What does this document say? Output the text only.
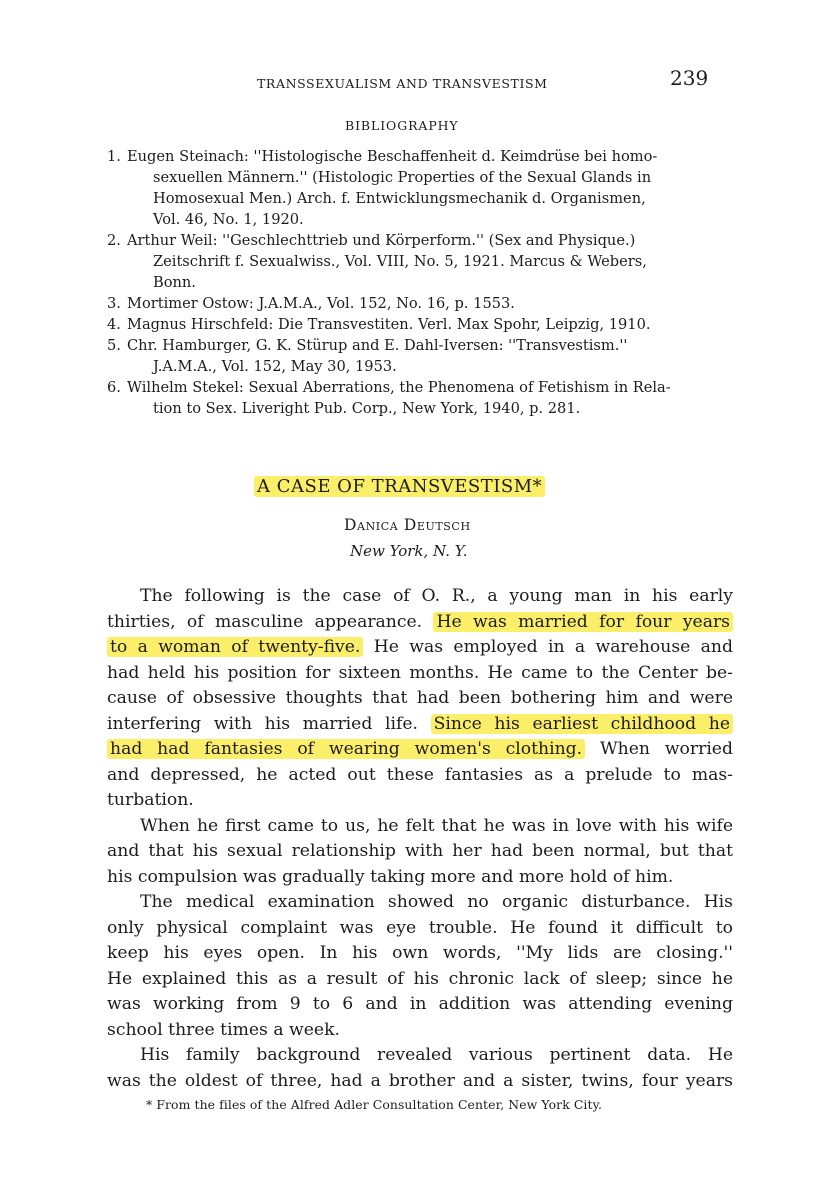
TRANSSEXUALISM AND TRANSVESTISM	239
BIBLIOGRAPHY
1. Eugen Steinach: ''Histologische Beschaffenheit d. Keimdrüse bei homo-
sexuellen Männern.'' (Histologic Properties of the Sexual Glands in
Homosexual Men.) Arch. f. Entwicklungsmechanik d. Organismen,
Vol. 46, No. 1, 1920.
2. Arthur Weil: ''Geschlechttrieb und Körperform.'' (Sex and Physique.)
Zeitschrift f. Sexualwiss., Vol. VIII, No. 5, 1921. Marcus & Webers,
Bonn.
3. Mortimer Ostow: J.A.M.A., Vol. 152, No. 16, p. 1553.
4. Magnus Hirschfeld: Die Transvestiten. Verl. Max Spohr, Leipzig, 1910.
5. Chr. Hamburger, G. K. Stürup and E. Dahl-Iversen: ''Transvestism.''
J.A.M.A., Vol. 152, May 30, 1953.
6. Wilhelm Stekel: Sexual Aberrations, the Phenomena of Fetishism in Rela-
tion to Sex. Liveright Pub. Corp., New York, 1940, p. 281.
A CASE OF TRANSVESTISM*
Danica Deutsch
New York, N. Y.
The following is the case of O. R., a young man in his early
thirties, of masculine appearance. He was married for four years
to a woman of twenty-five. He was employed in a warehouse and
had held his position for sixteen months. He came to the Center be-
cause of obsessive thoughts that had been bothering him and were
interfering with his married life. Since his earliest childhood he
had had fantasies of wearing women's clothing. When worried
and depressed, he acted out these fantasies as a prelude to mas-
turbation.
When he first came to us, he felt that he was in love with his wife
and that his sexual relationship with her had been normal, but that
his compulsion was gradually taking more and more hold of him.
The medical examination showed no organic disturbance. His
only physical complaint was eye trouble. He found it difficult to
keep his eyes open. In his own words, ''My lids are closing.''
He explained this as a result of his chronic lack of sleep; since he
was working from 9 to 6 and in addition was attending evening
school three times a week.
His family background revealed various pertinent data. He
was the oldest of three, had a brother and a sister, twins, four years
* From the files of the Alfred Adler Consultation Center, New York City.
